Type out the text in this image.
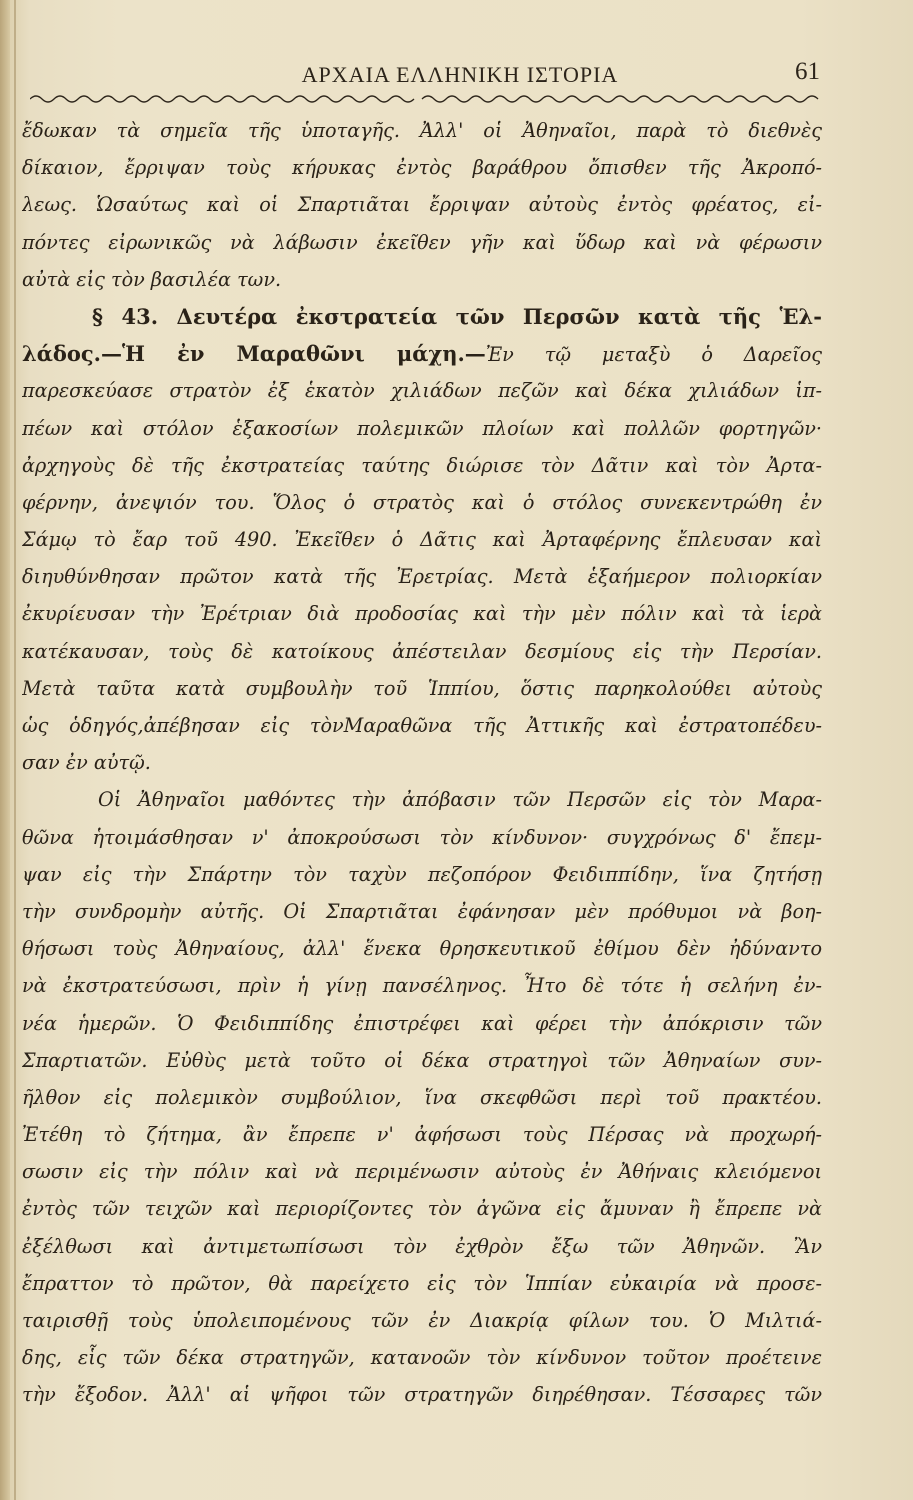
ΑΡΧΑΙΑ ΕΛΛΗΝΙΚΗ ΙΣΤΟΡΙΑ	61
ἔδωκαν τὰ σημεῖα τῆς ὑποταγῆς. Ἀλλ' οἱ Ἀθηναῖοι, παρὰ τὸ διεθνὲς
δίκαιον, ἔρριψαν τοὺς κήρυκας ἐντὸς βαράθρου ὄπισθεν τῆς Ἀκροπό-
λεως. Ὡσαύτως καὶ οἱ Σπαρτιᾶται ἔρριψαν αὐτοὺς ἐντὸς φρέατος, εἰ-
πόντες εἰρωνικῶς νὰ λάβωσιν ἐκεῖθεν γῆν καὶ ὕδωρ καὶ νὰ φέρωσιν
αὐτὰ εἰς τὸν βασιλέα των.
§ 43. Δευτέρα ἐκστρατεία τῶν Περσῶν κατὰ τῆς Ἑλ-
λάδος.—Ἡ ἐν Μαραθῶνι μάχη.—Ἐν τῷ μεταξὺ ὁ Δαρεῖος
παρεσκεύασε στρατὸν ἐξ ἑκατὸν χιλιάδων πεζῶν καὶ δέκα χιλιάδων ἱπ-
πέων καὶ στόλον ἑξακοσίων πολεμικῶν πλοίων καὶ πολλῶν φορτηγῶν·
ἀρχηγοὺς δὲ τῆς ἐκστρατείας ταύτης διώρισε τὸν Δᾶτιν καὶ τὸν Ἀρτα-
φέρνην, ἀνεψιόν του. Ὅλος ὁ στρατὸς καὶ ὁ στόλος συνεκεντρώθη ἐν
Σάμῳ τὸ ἔαρ τοῦ 490. Ἐκεῖθεν ὁ Δᾶτις καὶ Ἀρταφέρνης ἔπλευσαν καὶ
διηυθύνθησαν πρῶτον κατὰ τῆς Ἐρετρίας. Μετὰ ἑξαήμερον πολιορκίαν
ἐκυρίευσαν τὴν Ἐρέτριαν διὰ προδοσίας καὶ τὴν μὲν πόλιν καὶ τὰ ἱερὰ
κατέκαυσαν, τοὺς δὲ κατοίκους ἀπέστειλαν δεσμίους εἰς τὴν Περσίαν.
Μετὰ ταῦτα κατὰ συμβουλὴν τοῦ Ἱππίου, ὅστις παρηκολούθει αὐτοὺς
ὡς ὁδηγός,ἀπέβησαν εἰς τὸνΜαραθῶνα τῆς Ἀττικῆς καὶ ἐστρατοπέδευ-
σαν ἐν αὐτῷ.
Οἱ Ἀθηναῖοι μαθόντες τὴν ἀπόβασιν τῶν Περσῶν εἰς τὸν Μαρα-
θῶνα ἡτοιμάσθησαν ν' ἀποκρούσωσι τὸν κίνδυνον· συγχρόνως δ' ἔπεμ-
ψαν εἰς τὴν Σπάρτην τὸν ταχὺν πεζοπόρον Φειδιππίδην, ἵνα ζητήσῃ
τὴν συνδρομὴν αὐτῆς. Οἱ Σπαρτιᾶται ἐφάνησαν μὲν πρόθυμοι νὰ βοη-
θήσωσι τοὺς Ἀθηναίους, ἀλλ' ἕνεκα θρησκευτικοῦ ἐθίμου δὲν ἠδύναντο
νὰ ἐκστρατεύσωσι, πρὶν ἡ γίνῃ πανσέληνος. Ἦτο δὲ τότε ἡ σελήνη ἐν-
νέα ἡμερῶν. Ὁ Φειδιππίδης ἐπιστρέφει καὶ φέρει τὴν ἀπόκρισιν τῶν
Σπαρτιατῶν. Εὐθὺς μετὰ τοῦτο οἱ δέκα στρατηγοὶ τῶν Ἀθηναίων συν-
ῆλθον εἰς πολεμικὸν συμβούλιον, ἵνα σκεφθῶσι περὶ τοῦ πρακτέου.
Ἐτέθη τὸ ζήτημα, ἂν ἔπρεπε ν' ἀφήσωσι τοὺς Πέρσας νὰ προχωρή-
σωσιν εἰς τὴν πόλιν καὶ νὰ περιμένωσιν αὐτοὺς ἐν Ἀθήναις κλειόμενοι
ἐντὸς τῶν τειχῶν καὶ περιορίζοντες τὸν ἀγῶνα εἰς ἄμυναν ἢ ἔπρεπε νὰ
ἐξέλθωσι καὶ ἀντιμετωπίσωσι τὸν ἐχθρὸν ἔξω τῶν Ἀθηνῶν. Ἂν
ἔπραττον τὸ πρῶτον, θὰ παρείχετο εἰς τὸν Ἱππίαν εὐκαιρία νὰ προσε-
ταιρισθῇ τοὺς ὑπολειπομένους τῶν ἐν Διακρίᾳ φίλων του. Ὁ Μιλτιά-
δης, εἷς τῶν δέκα στρατηγῶν, κατανοῶν τὸν κίνδυνον τοῦτον προέτεινε
τὴν ἔξοδον. Ἀλλ' αἱ ψῆφοι τῶν στρατηγῶν διηρέθησαν. Τέσσαρες τῶν
